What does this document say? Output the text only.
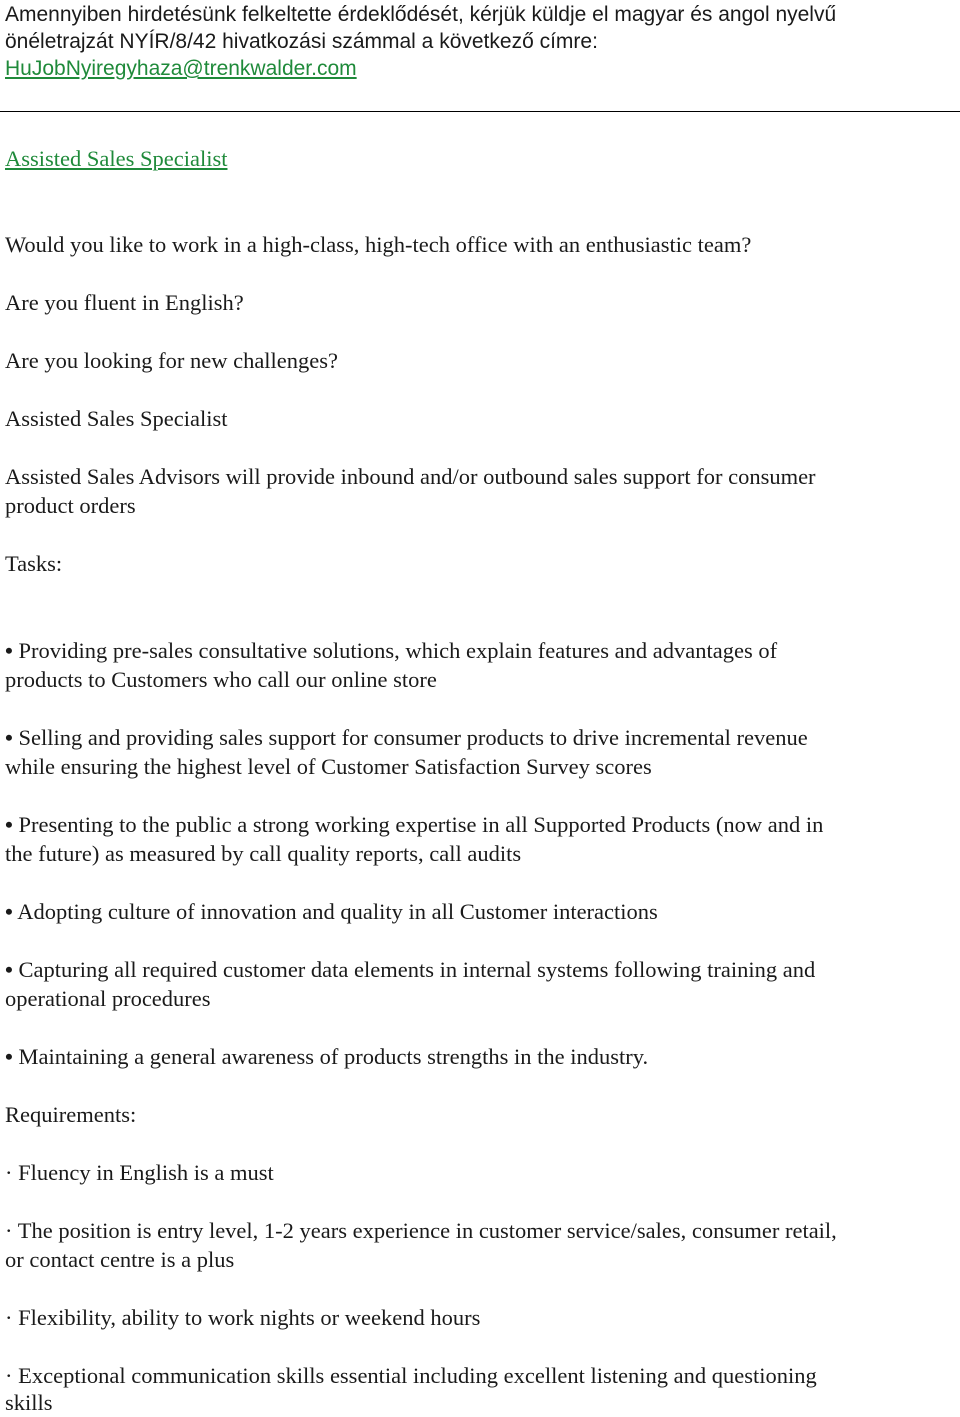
Amennyiben hirdetésünk felkeltette érdeklődését, kérjük küldje el magyar és angol nyelvű
önéletrajzát NYÍR/8/42 hivatkozási számmal a következő címre:
HuJobNyiregyhaza@trenkwalder.com
Assisted Sales Specialist
Would you like to work in a high-class, high-tech office with an enthusiastic team?
Are you fluent in English?
Are you looking for new challenges?
Assisted Sales Specialist
Assisted Sales Advisors will provide inbound and/or outbound sales support for consumer
product orders
Tasks:
• Providing pre-sales consultative solutions, which explain features and advantages of
products to Customers who call our online store
• Selling and providing sales support for consumer products to drive incremental revenue
while ensuring the highest level of Customer Satisfaction Survey scores
• Presenting to the public a strong working expertise in all Supported Products (now and in
the future) as measured by call quality reports, call audits
• Adopting culture of innovation and quality in all Customer interactions
• Capturing all required customer data elements in internal systems following training and
operational procedures
• Maintaining a general awareness of products strengths in the industry.
Requirements:
· Fluency in English is a must
· The position is entry level, 1-2 years experience in customer service/sales, consumer retail,
or contact centre is a plus
· Flexibility, ability to work nights or weekend hours
· Exceptional communication skills essential including excellent listening and questioning
skills
